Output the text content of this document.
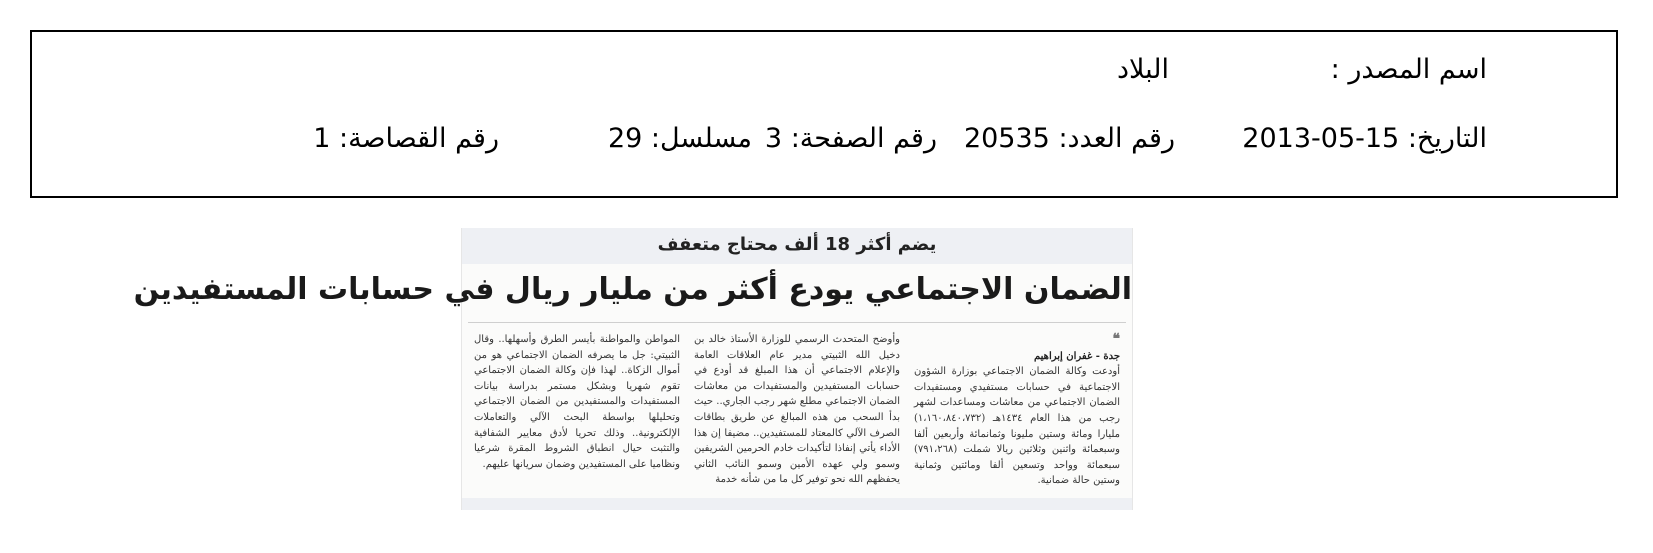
اسم المصدر :
البلاد
التاريخ: 15-05-2013
رقم العدد: 20535
رقم الصفحة: 3
مسلسل: 29
رقم القصاصة: 1
يضم أكثر 18 ألف محتاج متعفف
الضمان الاجتماعي يودع أكثر من مليار ريال في حسابات المستفيدين

❝

جدة - غفران إبراهيم

أودعت وكالة الضمان الاجتماعي بوزارة الشؤون الاجتماعية في حسابات مستفيدي ومستفيدات الضمان الاجتماعي من معاشات ومساعدات لشهر رجب من هذا العام ١٤٣٤هـ (١،١٦٠،٨٤٠،٧٣٢) مليارا ومائة وستين مليونا وثمانمائة وأربعين ألفا وسبعمائة واثنين وثلاثين ريالا شملت (٧٩١،٢٦٨) سبعمائة وواحد وتسعين ألفا ومائتين وثمانية وستين حالة ضمانية.

وأوضح المتحدث الرسمي للوزارة الأستاذ خالد بن دخيل الله الثبيتي مدير عام العلاقات العامة والإعلام الاجتماعي أن هذا المبلغ قد أودع في حسابات المستفيدين والمستفيدات من معاشات الضمان الاجتماعي مطلع شهر رجب الجاري.. حيث بدأ السحب من هذه المبالغ عن طريق بطاقات الصرف الآلي كالمعتاد للمستفيدين.. مضيفا إن هذا الأداء يأتي إنفاذا لتأكيدات خادم الحرمين الشريفين وسمو ولي عهده الأمين وسمو النائب الثاني يحفظهم الله نحو توفير كل ما من شأنه خدمة

المواطن والمواطنة بأيسر الطرق وأسهلها.. وقال الثبيتي: جل ما يصرفه الضمان الاجتماعي هو من أموال الزكاة.. لهذا فإن وكالة الضمان الاجتماعي تقوم شهريا وبشكل مستمر بدراسة بيانات المستفيدات والمستفيدين من الضمان الاجتماعي وتحليلها بواسطة البحث الآلي والتعاملات الإلكترونية.. وذلك تحريا لأدق معايير الشفافية والتثبت حيال انطباق الشروط المقرة شرعيا ونظاميا على المستفيدين وضمان سريانها عليهم.
